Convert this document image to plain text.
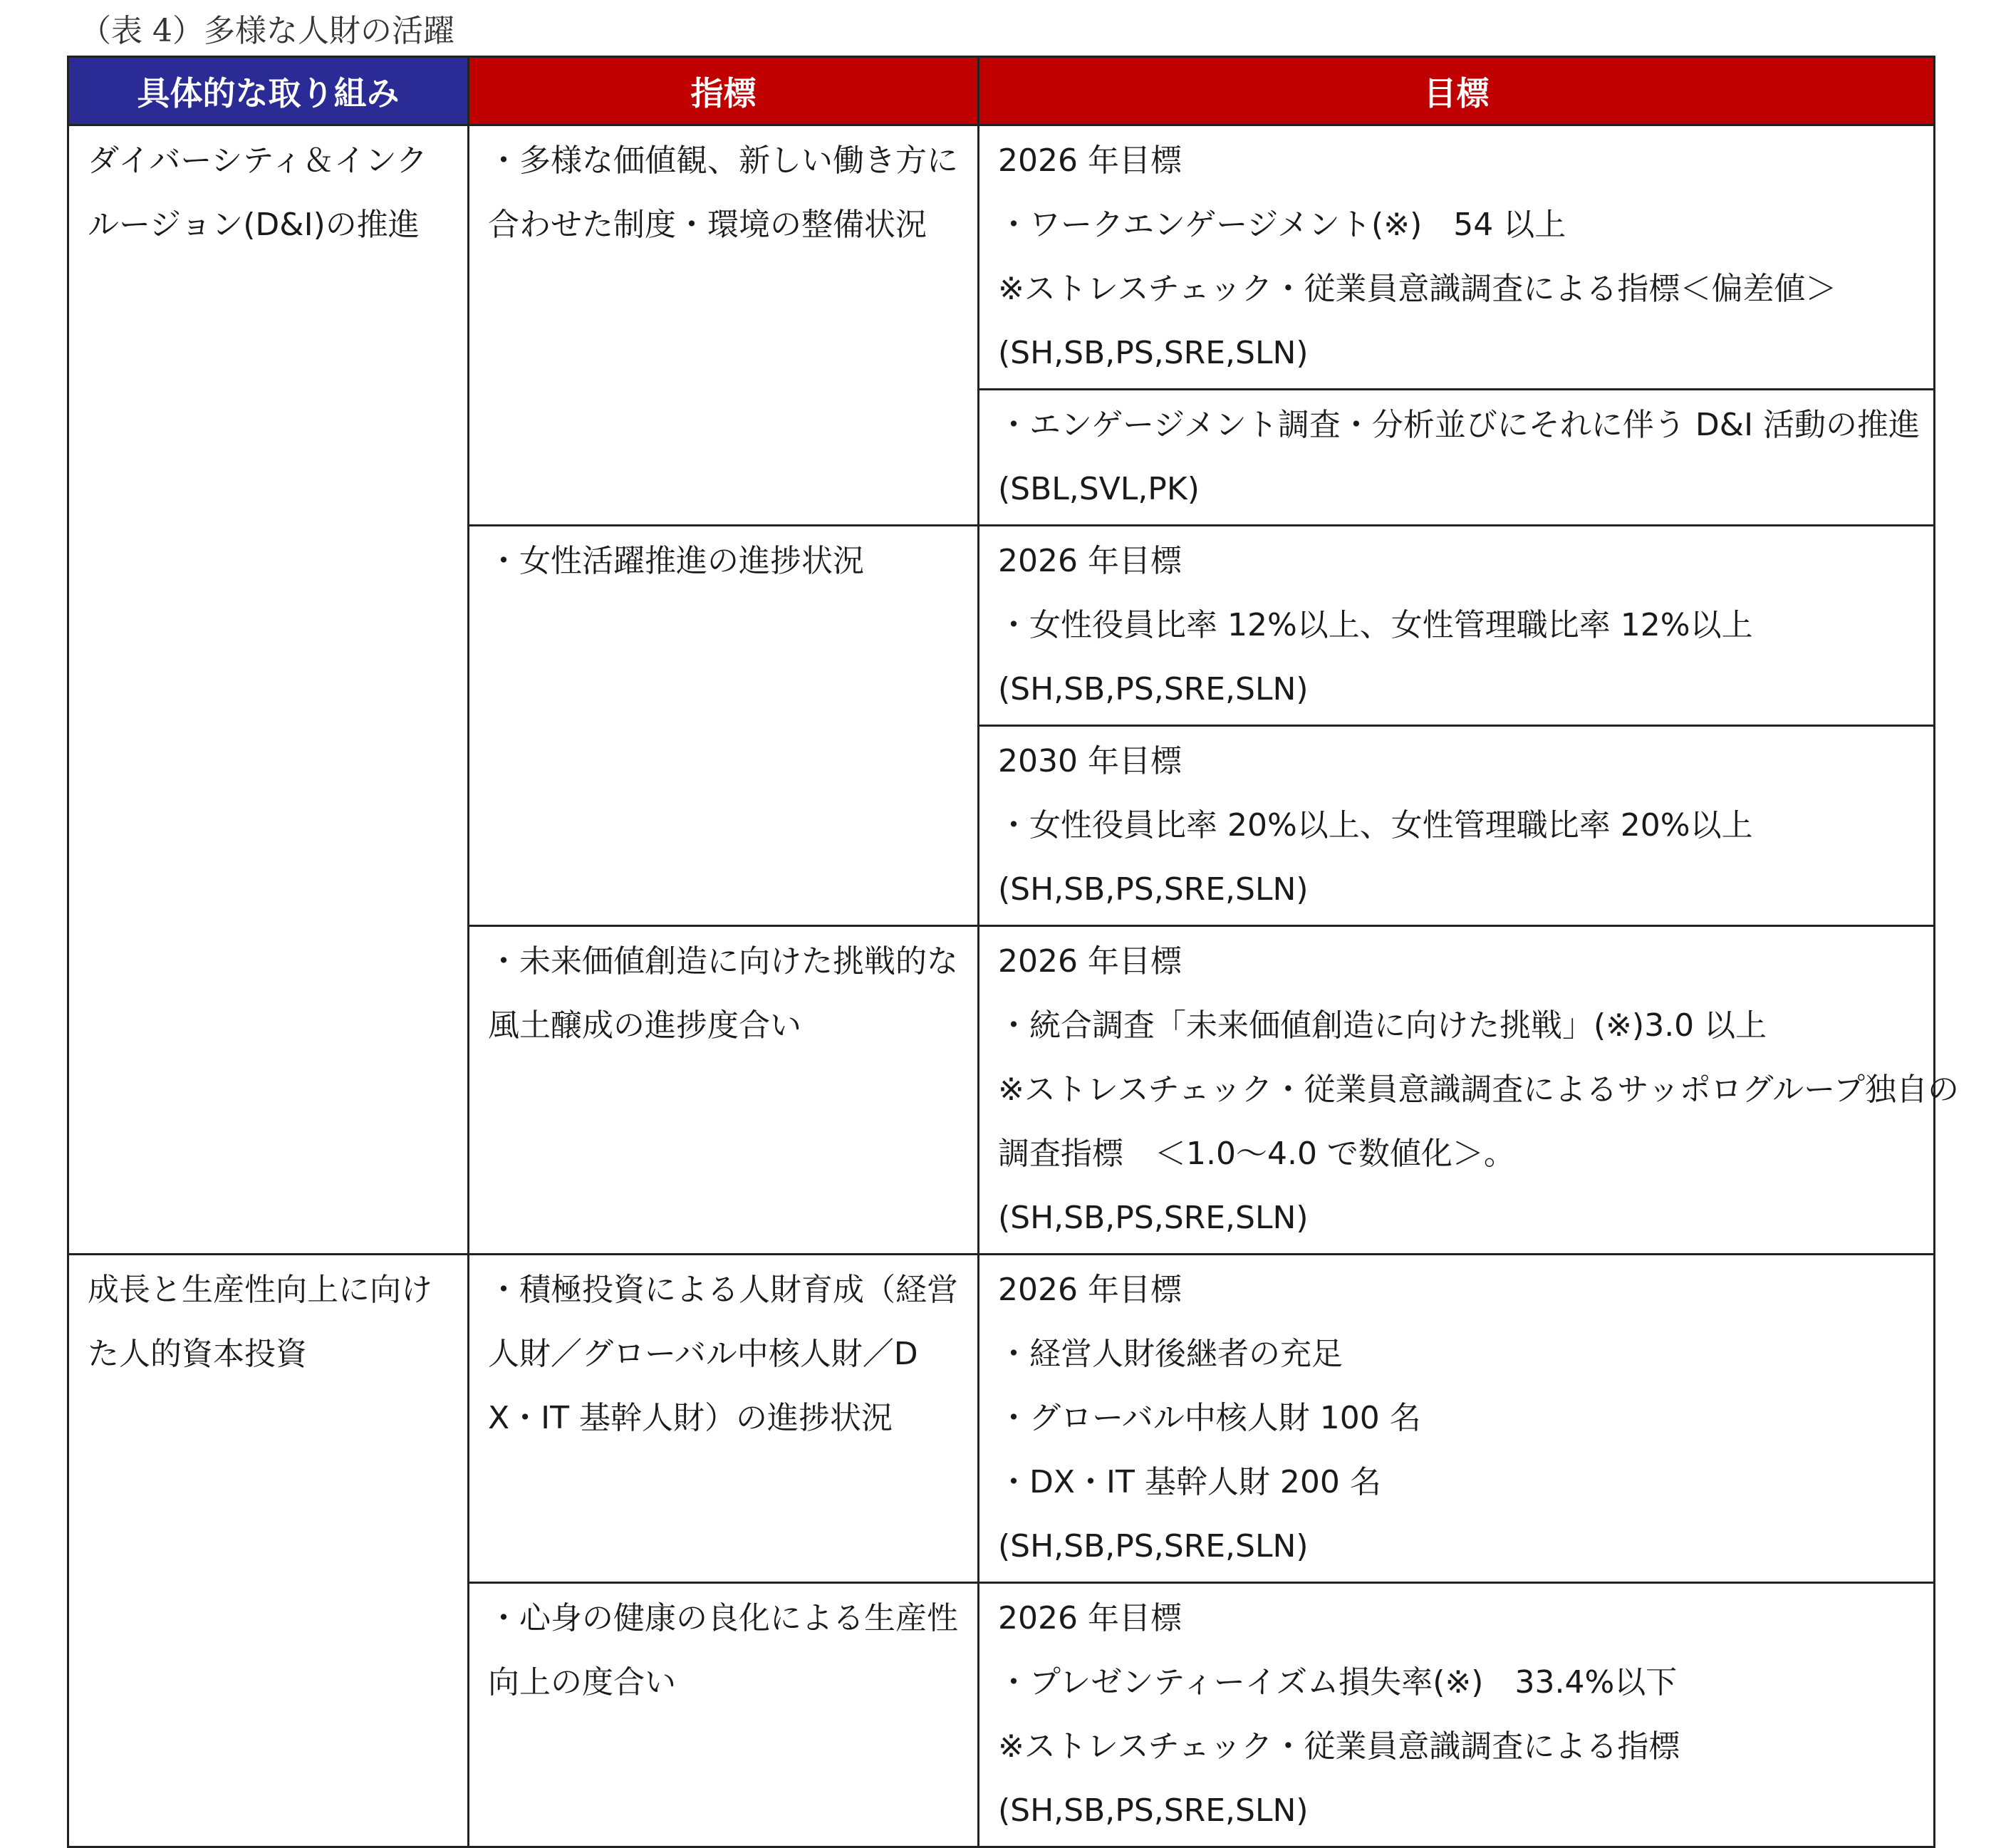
（表 4）多様な人財の活躍
具体的な取り組み	指標	目標
ダイバーシティ＆インクルージョン(D&I)の推進	・多様な価値観、新しい働き方に合わせた制度・環境の整備状況	2026 年目標
・ワークエンゲージメント(※)　54 以上
※ストレスチェック・従業員意識調査による指標＜偏差値＞
(SH,SB,PS,SRE,SLN)

		・エンゲージメント調査・分析並びにそれに伴う D&I 活動の推進
(SBL,SVL,PK)

	・女性活躍推進の進捗状況	2026 年目標
・女性役員比率 12%以上、女性管理職比率 12%以上
(SH,SB,PS,SRE,SLN)

		2030 年目標
・女性役員比率 20%以上、女性管理職比率 20%以上
(SH,SB,PS,SRE,SLN)

	・未来価値創造に向けた挑戦的な風土醸成の進捗度合い	2026 年目標
・統合調査「未来価値創造に向けた挑戦」(※)3.0 以上
※ストレスチェック・従業員意識調査によるサッポログループ独自の
調査指標　＜1.0～4.0 で数値化＞。
(SH,SB,PS,SRE,SLN)

成長と生産性向上に向けた人的資本投資	・積極投資による人財育成（経営人財／グローバル中核人財／DX・IT 基幹人財）の進捗状況	2026 年目標
・経営人財後継者の充足
・グローバル中核人財 100 名
・DX・IT 基幹人財 200 名
(SH,SB,PS,SRE,SLN)

	・心身の健康の良化による生産性向上の度合い	2026 年目標
・プレゼンティーイズム損失率(※)　33.4%以下
※ストレスチェック・従業員意識調査による指標
(SH,SB,PS,SRE,SLN)
